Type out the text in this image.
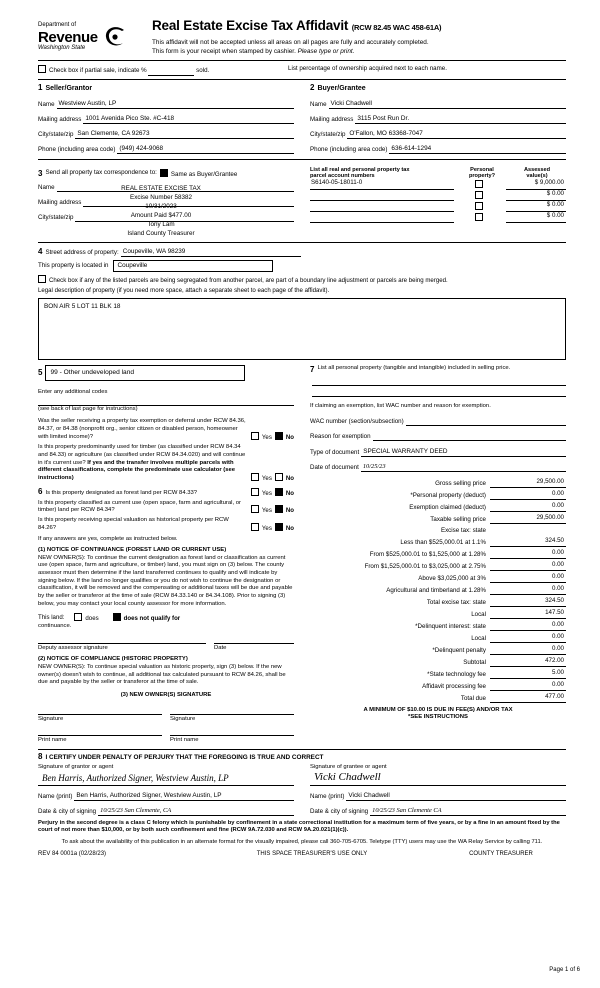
Department of
Revenue
Washington State
Real Estate Excise Tax Affidavit (RCW 82.45 WAC 458-61A)
This affidavit will not be accepted unless all areas on all pages are fully and accurately completed.
This form is your receipt when stamped by cashier. Please type or print.
Check box if partial sale, indicate %	sold.	List percentage of ownership acquired next to each name.
1 Seller/Grantor
Name Westview Austin, LP
Mailing address 1001 Avenida Pico Ste. #C-418
City/state/zip San Clemente, CA 92673
Phone (including area code) (949) 424-9068
2 Buyer/Grantee
Name Vicki Chadwell
Mailing address 3115 Post Run Dr.
City/state/zip O'Fallon, MO 63368-7047
Phone (including area code) 636-614-1294
3 Send all property tax correspondence to:	Same as Buyer/Grantee
Name
Mailing address
City/state/zip
REAL ESTATE EXCISE TAX
Excise Number 58382
10/31/2023
Amount Paid $477.00
Tony Lam
Island County Treasurer
List all real and personal property tax
parcel account numbers
Personal
property?
Assessed
value(s)
S6140-05-18011-0	$ 9,000.00
$ 0.00
$ 0.00
$ 0.00
4 Street address of property: Coupeville, WA 98239
This property is located in	Coupeville
Check box if any of the listed parcels are being segregated from another parcel, are part of a boundary line adjustment or parcels are being merged.
Legal description of property (if you need more space, attach a separate sheet to each page of the affidavit).
BON AIR 5 LOT 11 BLK 18
5	99 - Other undeveloped land
Enter any additional codes
(see back of last page for instructions)
Was the seller receiving a property tax exemption or deferral under RCW 84.36, 84.37, or 84.38 (nonprofit org., senior citizen or disabled person, homeowner with limited income)?	Yes No
Is this property predominantly used for timber (as classified under RCW 84.34 and 84.33) or agriculture (as classified under RCW 84.34.020) and will continue in it's current use? If yes and the transfer involves multiple parcels with different classifications, complete the predominate use calculator (see instructions)	Yes No
6 Is this property designated as forest land per RCW 84.33?	Yes No
Is this property classified as current use (open space, farm and agricultural, or timber) land per RCW 84.34?	Yes No
Is this property receiving special valuation as historical property per RCW 84.26?	Yes No
If any answers are yes, complete as instructed below.
(1) NOTICE OF CONTINUANCE (FOREST LAND OR CURRENT USE)
NEW OWNER(S): To continue the current designation as forest land or classification as current use (open space, farm and agriculture, or timber) land, you must sign on (3) below. The county assessor must then determine if the land transferred continues to qualify and will indicate by signing below. If the land no longer qualifies or you do not wish to continue the designation or classification, it will be removed and the compensating or additional taxes will be due and payable by the seller or transferor at the time of sale (RCW 84.33.140 or 84.34.108). Prior to signing (3) below, you may contact your local county assessor for more information.
This land:	does	does not qualify for
continuance.
Deputy assessor signature	Date
(2) NOTICE OF COMPLIANCE (HISTORIC PROPERTY)
NEW OWNER(S): To continue special valuation as historic property, sign (3) below. If the new owner(s) doesn't wish to continue, all additional tax calculated pursuant to RCW 84.26, shall be due and payable by the seller or transferor at the time of sale.
(3) NEW OWNER(S) SIGNATURE
Signature	Signature
Print name	Print name
7 List all personal property (tangible and intangible) included in selling price.
If claiming an exemption, list WAC number and reason for exemption.
WAC number (section/subsection)
Reason for exemption
Type of document SPECIAL WARRANTY DEED
Date of document 10/25/23
Gross selling price	29,500.00
*Personal property (deduct)	0.00
Exemption claimed (deduct)	0.00
Taxable selling price	29,500.00
Excise tax: state
Less than $525,000.01 at 1.1%	324.50
From $525,000.01 to $1,525,000 at 1.28%	0.00
From $1,525,000.01 to $3,025,000 at 2.75%	0.00
Above $3,025,000 at 3%	0.00
Agricultural and timberland at 1.28%	0.00
Total excise tax: state	324.50
Local	147.50
*Delinquent interest: state	0.00
Local	0.00
*Delinquent penalty	0.00
Subtotal	472.00
*State technology fee	5.00
Affidavit processing fee	0.00
Total due	477.00
A MINIMUM OF $10.00 IS DUE IN FEE(S) AND/OR TAX
*SEE INSTRUCTIONS
8 I CERTIFY UNDER PENALTY OF PERJURY THAT THE FOREGOING IS TRUE AND CORRECT
Signature of grantor or agent
Ben Harris, Authorized Signer, Westview Austin, LP
Name (print) Ben Harris, Authorized Signer, Westview Austin, LP
Date & city of signing 10/25/23 San Clemente, CA
Signature of grantee or agent
Vicki Chadwell
Name (print) Vicki Chadwell
Date & city of signing 10/25/23 San Clemente CA
Perjury in the second degree is a class C felony which is punishable by confinement in a state correctional institution for a maximum term of five years, or by a fine in an amount fixed by the court of not more than $10,000, or by both such confinement and fine (RCW 9A.72.030 and RCW 9A.20.021(1)(c)).
To ask about the availability of this publication in an alternate format for the visually impaired, please call 360-705-6705. Teletype (TTY) users may use the WA Relay Service by calling 711.
REV 84 0001a (02/28/23)	THIS SPACE TREASURER'S USE ONLY	COUNTY TREASURER
Page 1 of 6
